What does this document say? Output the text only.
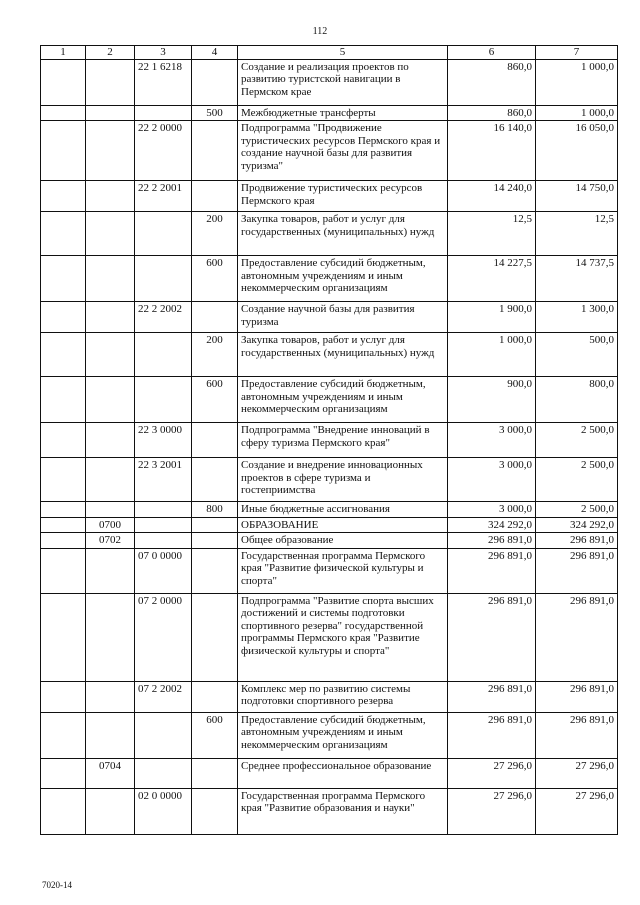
112
1	2	3	4	5	6	7
		22 1 6218		Создание и реализация проектов по развитию туристской навигации в Пермском крае	860,0	1 000,0
			500	Межбюджетные трансферты	860,0	1 000,0
		22 2 0000		Подпрограмма "Продвижение туристических ресурсов Пермского края и создание научной базы для развития туризма"	16 140,0	16 050,0
		22 2 2001		Продвижение туристических ресурсов Пермского края	14 240,0	14 750,0
			200	Закупка товаров, работ и услуг для государственных (муниципальных) нужд	12,5	12,5
			600	Предоставление субсидий бюджетным, автономным учреждениям и иным некоммерческим организациям	14 227,5	14 737,5
		22 2 2002		Создание научной базы для развития туризма	1 900,0	1 300,0
			200	Закупка товаров, работ и услуг для государственных (муниципальных) нужд	1 000,0	500,0
			600	Предоставление субсидий бюджетным, автономным учреждениям и иным некоммерческим организациям	900,0	800,0
		22 3 0000		Подпрограмма "Внедрение инноваций в сферу туризма Пермского края"	3 000,0	2 500,0
		22 3 2001		Создание и внедрение инновационных проектов в сфере туризма и гостеприимства	3 000,0	2 500,0
			800	Иные бюджетные ассигнования	3 000,0	2 500,0
	0700			ОБРАЗОВАНИЕ	324 292,0	324 292,0
	0702			Общее образование	296 891,0	296 891,0
		07 0 0000		Государственная программа Пермского края "Развитие физической культуры и спорта"	296 891,0	296 891,0
		07 2 0000		Подпрограмма "Развитие спорта высших достижений и системы подготовки спортивного резерва" государственной программы Пермского края "Развитие физической культуры и спорта"	296 891,0	296 891,0
		07 2 2002		Комплекс мер по развитию системы подготовки спортивного резерва	296 891,0	296 891,0
			600	Предоставление субсидий бюджетным, автономным учреждениям и иным некоммерческим организациям	296 891,0	296 891,0
	0704			Среднее профессиональное образование	27 296,0	27 296,0
		02 0 0000		Государственная программа Пермского края "Развитие образования и науки"	27 296,0	27 296,0
7020-14
